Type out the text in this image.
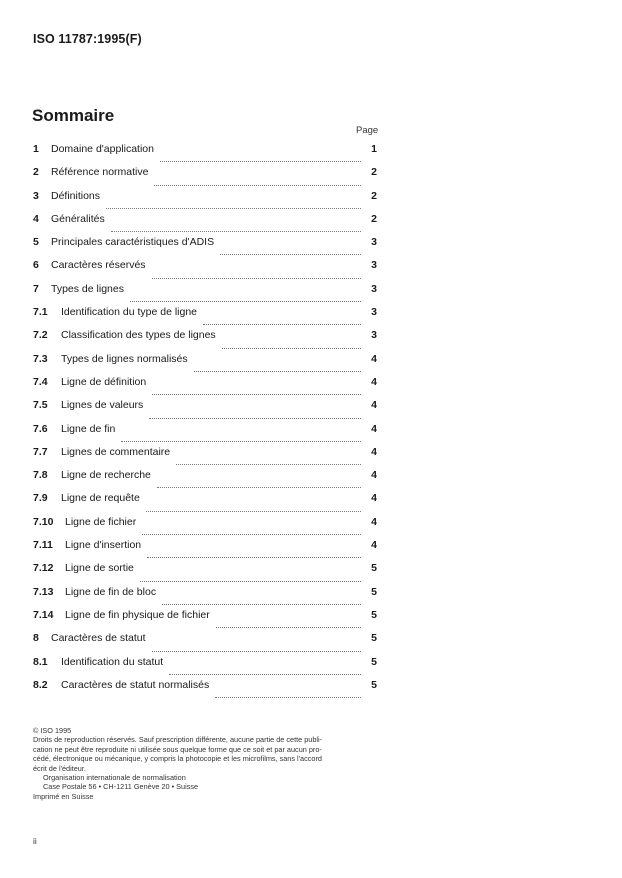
ISO 11787:1995(F)
Sommaire
Page
1 Domaine d'application	1
2 Référence normative	2
3 Définitions	2
4 Généralités	2
5 Principales caractéristiques d'ADIS	3
6 Caractères réservés	3
7 Types de lignes	3
7.1 Identification du type de ligne	3
7.2 Classification des types de lignes	3
7.3 Types de lignes normalisés	4
7.4 Ligne de définition	4
7.5 Lignes de valeurs	4
7.6 Ligne de fin	4
7.7 Lignes de commentaire	4
7.8 Ligne de recherche	4
7.9 Ligne de requête	4
7.10 Ligne de fichier	4
7.11 Ligne d'insertion	4
7.12 Ligne de sortie	5
7.13 Ligne de fin de bloc	5
7.14 Ligne de fin physique de fichier	5
8 Caractères de statut	5
8.1 Identification du statut	5
8.2 Caractères de statut normalisés	5

© ISO 1995

Droits de reproduction réservés. Sauf prescription différente, aucune partie de cette publi-

cation ne peut être reproduite ni utilisée sous quelque forme que ce soit et par aucun pro-

cédé, électronique ou mécanique, y compris la photocopie et les microfilms, sans l'accord

écrit de l'éditeur.

Organisation internationale de normalisation

Case Postale 56 • CH-1211 Genève 20 • Suisse

Imprimé en Suisse

ii
